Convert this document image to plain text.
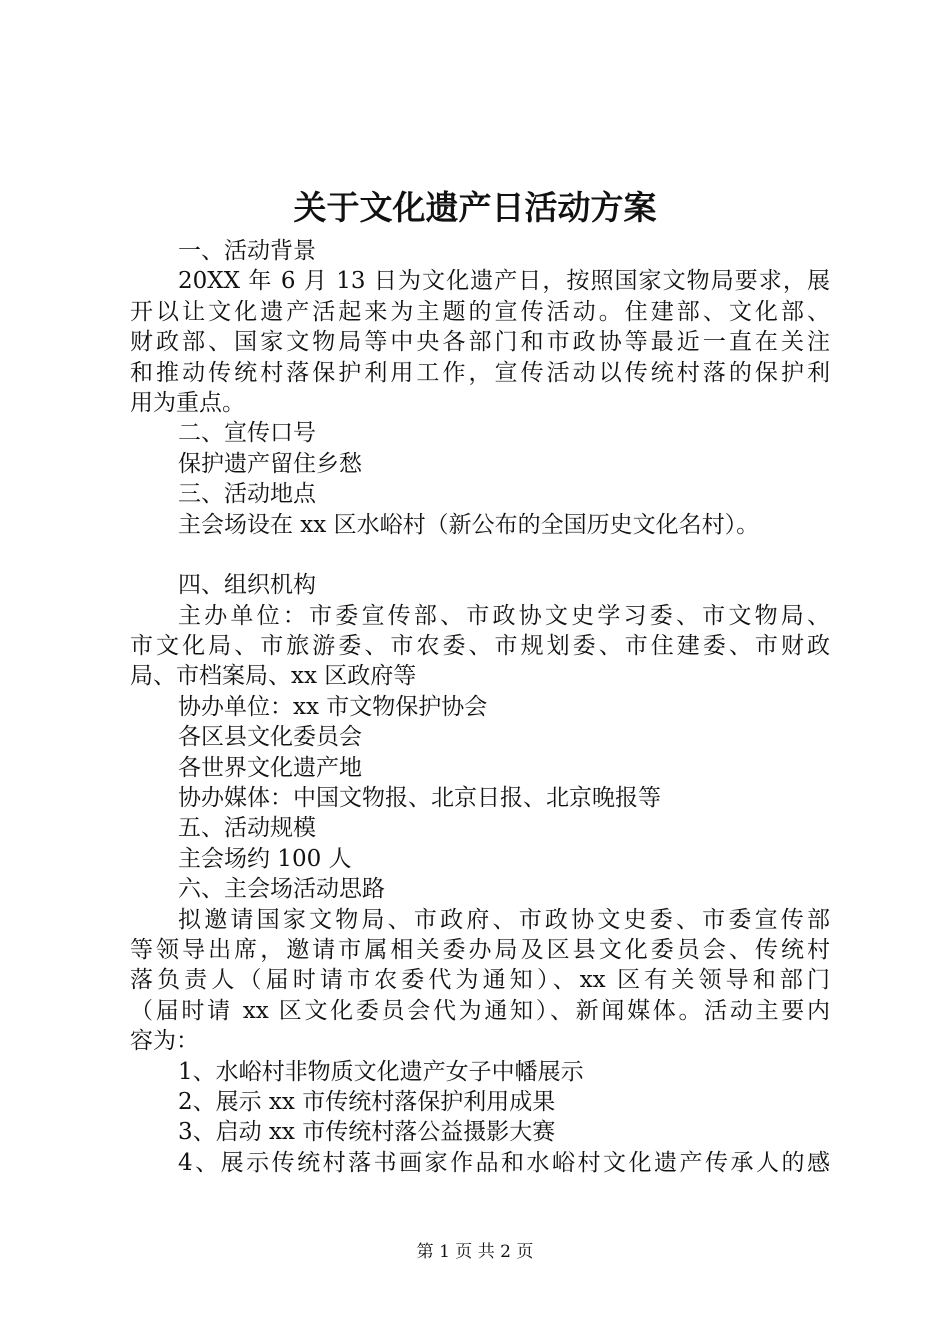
关于文化遗产日活动方案
一、活动背景
20XX 年 6 月 13 日为文化遗产日，按照国家文物局要求，展
开以让文化遗产活起来为主题的宣传活动。住建部、文化部、
财政部、国家文物局等中央各部门和市政协等最近一直在关注
和推动传统村落保护利用工作，宣传活动以传统村落的保护利
用为重点。
二、宣传口号
保护遗产留住乡愁
三、活动地点
主会场设在 xx 区水峪村（新公布的全国历史文化名村）。
四、组织机构
主办单位：市委宣传部、市政协文史学习委、市文物局、
市文化局、市旅游委、市农委、市规划委、市住建委、市财政
局、市档案局、xx 区政府等
协办单位：xx 市文物保护协会
各区县文化委员会
各世界文化遗产地
协办媒体：中国文物报、北京日报、北京晚报等
五、活动规模
主会场约 100 人
六、主会场活动思路
拟邀请国家文物局、市政府、市政协文史委、市委宣传部
等领导出席，邀请市属相关委办局及区县文化委员会、传统村
落负责人（届时请市农委代为通知）、xx 区有关领导和部门
（届时请 xx 区文化委员会代为通知）、新闻媒体。活动主要内
容为：
1、水峪村非物质文化遗产女子中幡展示
2、展示 xx 市传统村落保护利用成果
3、启动 xx 市传统村落公益摄影大赛
4、展示传统村落书画家作品和水峪村文化遗产传承人的感
第 1 页 共 2 页
